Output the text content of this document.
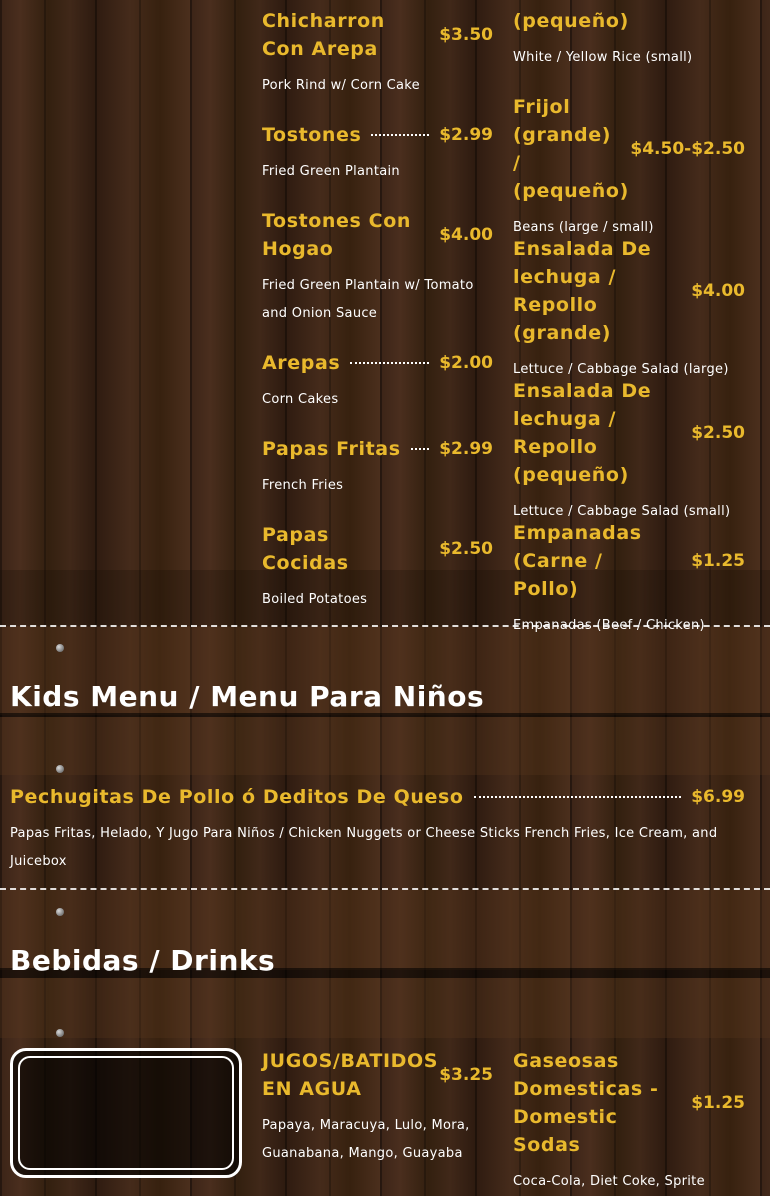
Chicharron Con Arepa
$3.50
Pork Rind w/ Corn Cake
Tostones	$2.99
Fried Green Plantain
Tostones Con Hogao
$4.00
Fried Green Plantain w/ Tomato and Onion Sauce
Arepas	$2.00
Corn Cakes
Papas Fritas $2.99
French Fries
Papas Cocidas
$2.50
Boiled Potatoes
(pequeño)
White / Yellow Rice (small)
Frijol (grande) / (pequeño)
$4.50-$2.50
Beans (large / small)
Ensalada De lechuga / Repollo (grande)
$4.00
Lettuce / Cabbage Salad (large)
Ensalada De lechuga / Repollo (pequeño)
$2.50
Lettuce / Cabbage Salad (small)
Empanadas (Carne / Pollo)
$1.25
Empanadas (Beef / Chicken)
Kids Menu / Menu Para Niños
Pechugitas De Pollo ó Deditos De Queso	$6.99
Papas Fritas, Helado, Y Jugo Para Niños / Chicken Nuggets or Cheese Sticks French Fries, Ice Cream, and Juicebox
Bebidas / Drinks
JUGOS/BATIDOS EN AGUA
$3.25
Papaya, Maracuya, Lulo, Mora, Guanabana, Mango, Guayaba
Gaseosas Domesticas - Domestic Sodas
$1.25
Coca-Cola, Diet Coke, Sprite
